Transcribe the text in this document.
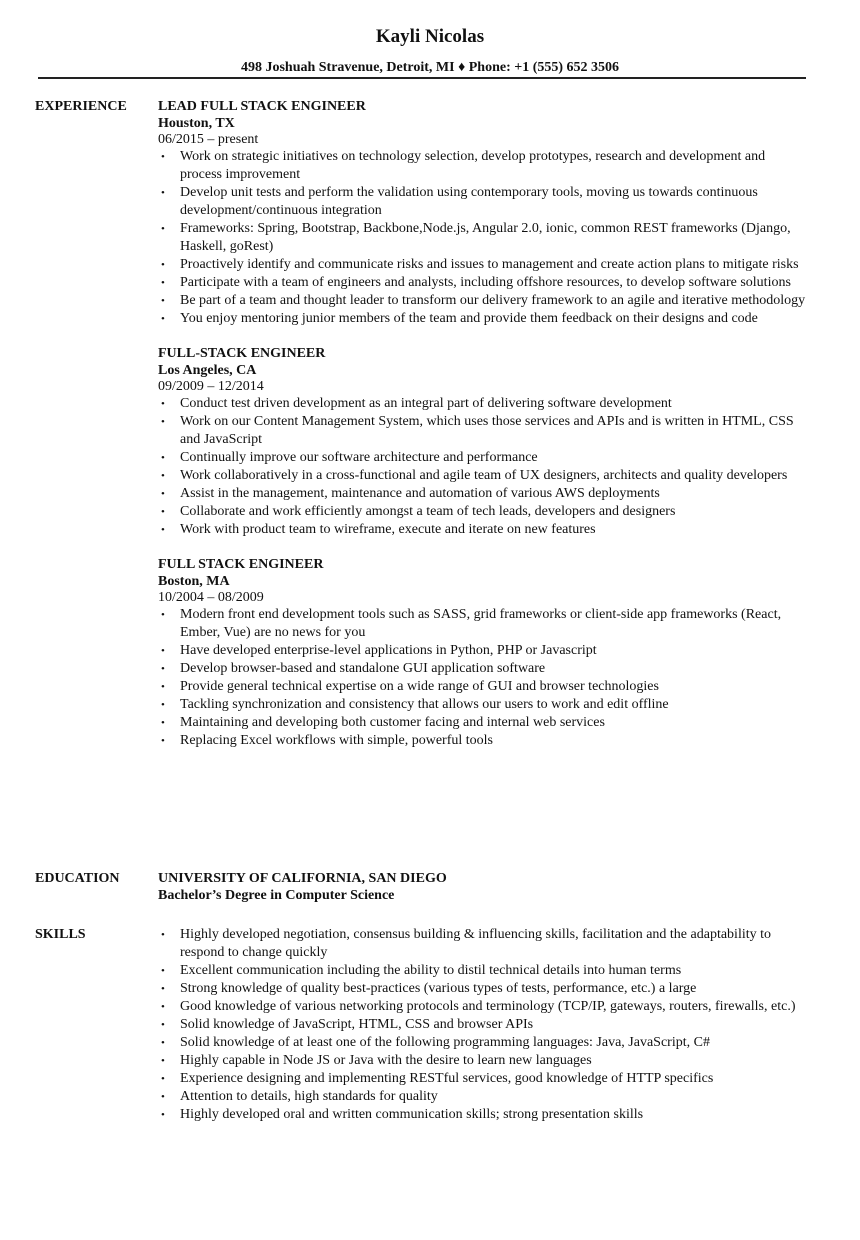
Kayli Nicolas
498 Joshuah Stravenue, Detroit, MI ♦ Phone: +1 (555) 652 3506
EXPERIENCE LEAD FULL STACK ENGINEER
Houston, TX
06/2015 – present
• Work on strategic initiatives on technology selection, develop prototypes, research and development and process improvement
• Develop unit tests and perform the validation using contemporary tools, moving us towards continuous development/continuous integration
• Frameworks: Spring, Bootstrap, Backbone,Node.js, Angular 2.0, ionic, common REST frameworks (Django, Haskell, goRest)
• Proactively identify and communicate risks and issues to management and create action plans to mitigate risks
• Participate with a team of engineers and analysts, including offshore resources, to develop software solutions
• Be part of a team and thought leader to transform our delivery framework to an agile and iterative methodology
• You enjoy mentoring junior members of the team and provide them feedback on their designs and code
FULL-STACK ENGINEER
Los Angeles, CA
09/2009 – 12/2014
• Conduct test driven development as an integral part of delivering software development
• Work on our Content Management System, which uses those services and APIs and is written in HTML, CSS and JavaScript
• Continually improve our software architecture and performance
• Work collaboratively in a cross-functional and agile team of UX designers, architects and quality developers
• Assist in the management, maintenance and automation of various AWS deployments
• Collaborate and work efficiently amongst a team of tech leads, developers and designers
• Work with product team to wireframe, execute and iterate on new features
FULL STACK ENGINEER
Boston, MA
10/2004 – 08/2009
• Modern front end development tools such as SASS, grid frameworks or client-side app frameworks (React, Ember, Vue) are no news for you
• Have developed enterprise-level applications in Python, PHP or Javascript
• Develop browser-based and standalone GUI application software
• Provide general technical expertise on a wide range of GUI and browser technologies
• Tackling synchronization and consistency that allows our users to work and edit offline
• Maintaining and developing both customer facing and internal web services
• Replacing Excel workflows with simple, powerful tools
EDUCATION	UNIVERSITY OF CALIFORNIA, SAN DIEGO
Bachelor’s Degree in Computer Science
SKILLS	• Highly developed negotiation, consensus building & influencing skills, facilitation and the adaptability to respond to change quickly
• Excellent communication including the ability to distil technical details into human terms
• Strong knowledge of quality best-practices (various types of tests, performance, etc.) a large
• Good knowledge of various networking protocols and terminology (TCP/IP, gateways, routers, firewalls, etc.)
• Solid knowledge of JavaScript, HTML, CSS and browser APIs
• Solid knowledge of at least one of the following programming languages: Java, JavaScript, C#
• Highly capable in Node JS or Java with the desire to learn new languages
• Experience designing and implementing RESTful services, good knowledge of HTTP specifics
• Attention to details, high standards for quality
• Highly developed oral and written communication skills; strong presentation skills
